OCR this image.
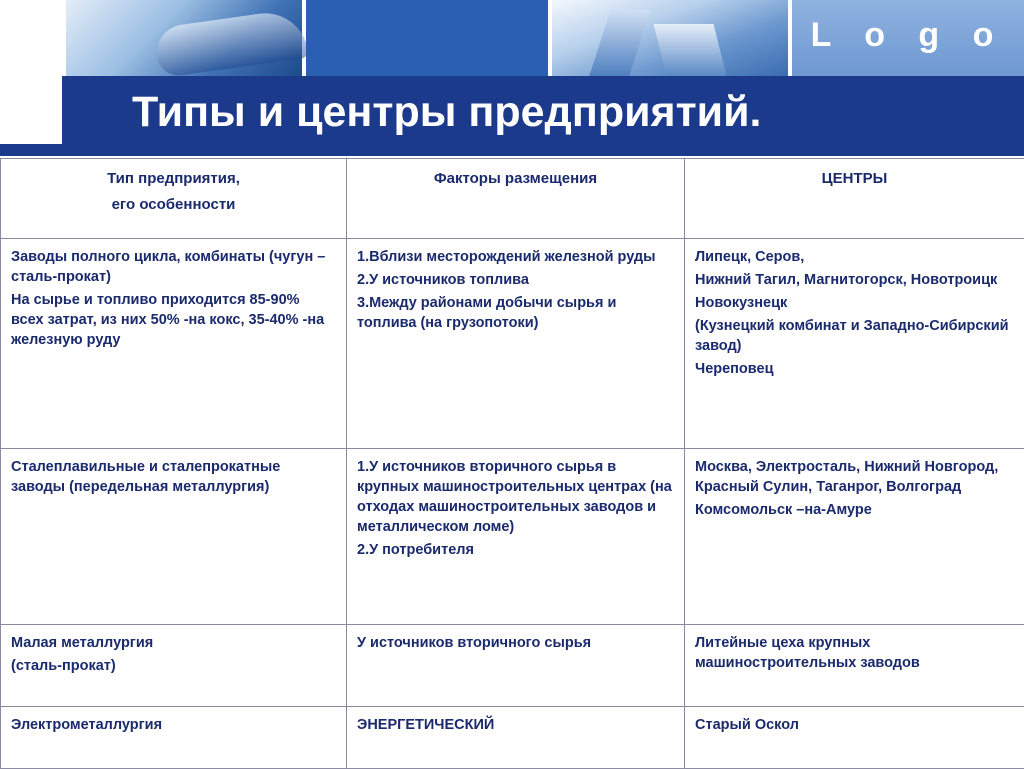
L o g o
Типы и центры предприятий.
Тип предприятия,
его особенности	Факторы размещения	ЦЕНТРЫ

Заводы полного цикла, комбинаты (чугун –сталь-прокат)
На сырье и топливо приходится 85-90% всех затрат, из них 50% -на кокс, 35-40% -на железную руду	1.Вблизи месторождений железной руды
2.У источников топлива
3.Между районами добычи сырья и топлива (на грузопотоки)	Липецк, Серов,
Нижний Тагил, Магнитогорск, Новотроицк
Новокузнецк
(Кузнецкий комбинат и Западно-Сибирский завод)
Череповец

Сталеплавильные и сталепрокатные заводы (передельная металлургия)	1.У источников вторичного сырья в крупных машиностроительных центрах (на отходах машиностроительных заводов и металлическом ломе)
2.У потребителя	Москва, Электросталь, Нижний Новгород, Красный Сулин, Таганрог, Волгоград
Комсомольск –на-Амуре

Малая металлургия
(сталь-прокат)	У источников вторичного сырья	Литейные цеха крупных машиностроительных заводов

Электрометаллургия	ЭНЕРГЕТИЧЕСКИЙ	Старый Оскол
